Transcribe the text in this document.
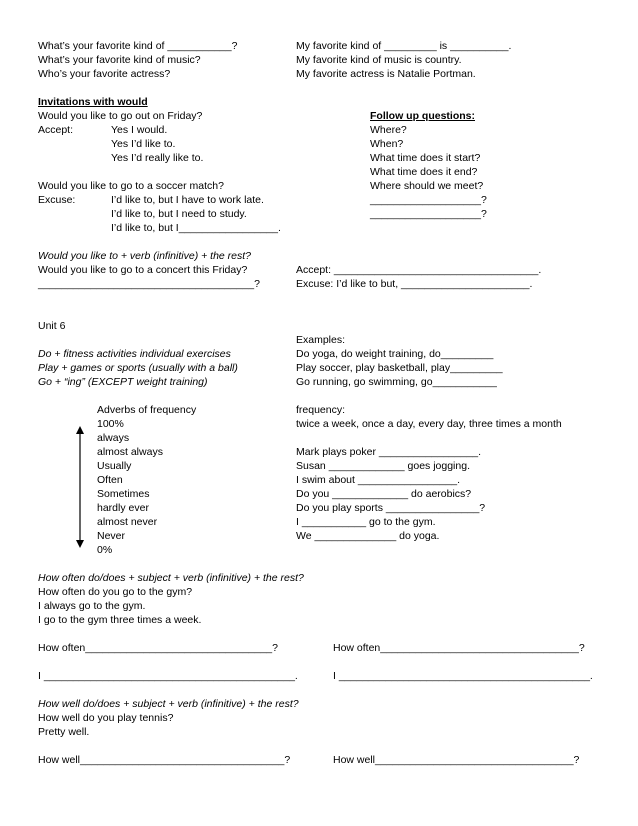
What’s your favorite kind of ___________?
What’s your favorite kind of music?
Who’s your favorite actress?
My favorite kind of _________ is __________.
My favorite kind of music is country.
My favorite actress is Natalie Portman.
Invitations with would
Would you like to go out on Friday?
Accept:	Yes I would.
Yes I’d like to.
Yes I’d really like to.
Would you like to go to a soccer match?
Excuse:	I’d like to, but I have to work late.
I’d like to, but I need to study.
I’d like to, but I_________________.
Follow up questions:
Where?
When?
What time does it start?
What time does it end?
Where should we meet?
___________________?
___________________?
Would you like to + verb (infinitive) + the rest?
Would you like to go to a concert this Friday?
_____________________________________?
Accept: ___________________________________.
Excuse: I’d like to but, ______________________.
Unit 6
Do + fitness activities individual exercises
Play + games or sports (usually with a ball)
Go + “ing” (EXCEPT weight training)
Examples:
Do yoga, do weight training, do_________
Play soccer, play basketball, play_________
Go running, go swimming, go___________
Adverbs of frequency
100%
always
almost always
Usually
Often
Sometimes
hardly ever
almost never
Never
0%
frequency:
twice a week, once a day, every day, three times a month
Mark plays poker _________________.
Susan _____________ goes jogging.
I swim about _________________.
Do you _____________ do aerobics?
Do you play sports ________________?
I ___________ go to the gym.
We ______________ do yoga.
How often do/does + subject + verb (infinitive) + the rest?
How often do you go to the gym?
I always go to the gym.
I go to the gym three times a week.
How often________________________________?	How often__________________________________?
I ___________________________________________.	I ___________________________________________.
How well do/does + subject + verb (infinitive) + the rest?
How well do you play tennis?
Pretty well.
How well___________________________________?	How well__________________________________?
